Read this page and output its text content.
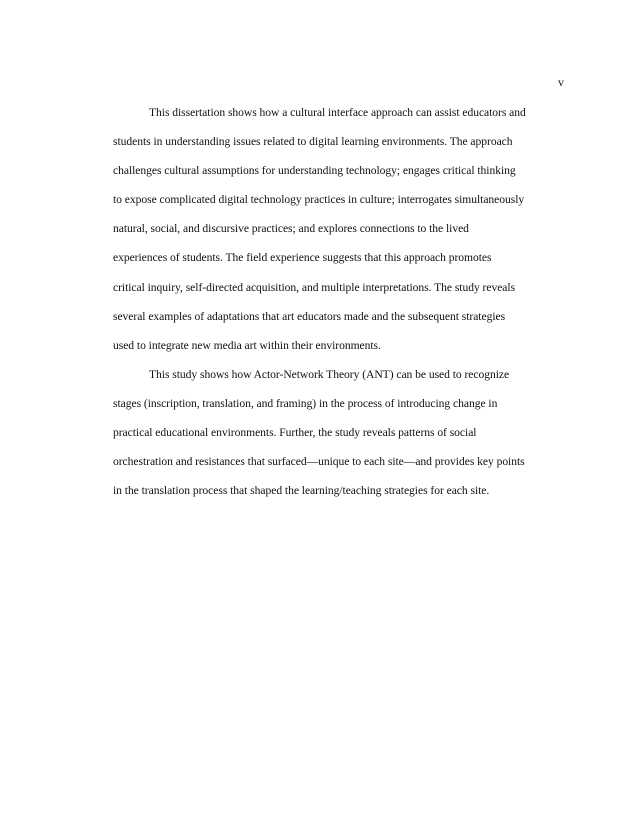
v
This dissertation shows how a cultural interface approach can assist educators and
students in understanding issues related to digital learning environments. The approach
challenges cultural assumptions for understanding technology; engages critical thinking
to expose complicated digital technology practices in culture; interrogates simultaneously
natural, social, and discursive practices; and explores connections to the lived
experiences of students. The field experience suggests that this approach promotes
critical inquiry, self-directed acquisition, and multiple interpretations. The study reveals
several examples of adaptations that art educators made and the subsequent strategies
used to integrate new media art within their environments.
This study shows how Actor-Network Theory (ANT) can be used to recognize
stages (inscription, translation, and framing) in the process of introducing change in
practical educational environments. Further, the study reveals patterns of social
orchestration and resistances that surfaced—unique to each site—and provides key points
in the translation process that shaped the learning/teaching strategies for each site.
